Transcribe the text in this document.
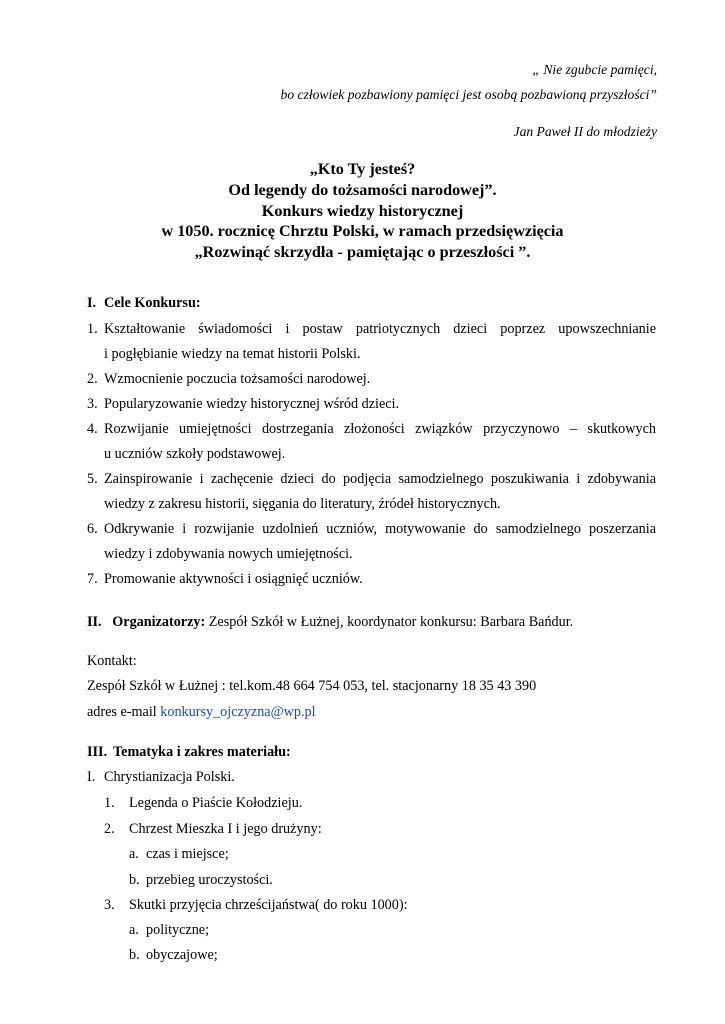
„ Nie zgubcie pamięci,
bo człowiek pozbawiony pamięci jest osobą pozbawioną przyszłości”
Jan Paweł II do młodzieży
„Kto Ty jesteś?
Od legendy do tożsamości narodowej”.
Konkurs wiedzy historycznej
w 1050. rocznicę Chrztu Polski, w ramach przedsięwzięcia
„Rozwinąć skrzydła - pamiętając o przeszłości ”.
I. Cele Konkursu:
1. Kształtowanie świadomości i postaw patriotycznych dzieci poprzez upowszechnianie
i pogłębianie wiedzy na temat historii Polski.
2. Wzmocnienie poczucia tożsamości narodowej.
3. Popularyzowanie wiedzy historycznej wśród dzieci.
4. Rozwijanie umiejętności dostrzegania złożoności związków przyczynowo – skutkowych
u uczniów szkoły podstawowej.
5. Zainspirowanie i zachęcenie dzieci do podjęcia samodzielnego poszukiwania i zdobywania
wiedzy z zakresu historii, sięgania do literatury, źródeł historycznych.
6. Odkrywanie i rozwijanie uzdolnień uczniów, motywowanie do samodzielnego poszerzania
wiedzy i zdobywania nowych umiejętności.
7. Promowanie aktywności i osiągnięć uczniów.
II. Organizatorzy: Zespół Szkół w Łużnej, koordynator konkursu: Barbara Bańdur.
Kontakt:
Zespół Szkół w Łużnej : tel.kom.48 664 754 053, tel. stacjonarny 18 35 43 390
adres e-mail konkursy_ojczyzna@wp.pl
III. Tematyka i zakres materiału:
I. Chrystianizacja Polski.
1. Legenda o Piaście Kołodzieju.
2. Chrzest Mieszka I i jego drużyny:
a. czas i miejsce;
b. przebieg uroczystości.
3. Skutki przyjęcia chrześcijaństwa( do roku 1000):
a. polityczne;
b. obyczajowe;
